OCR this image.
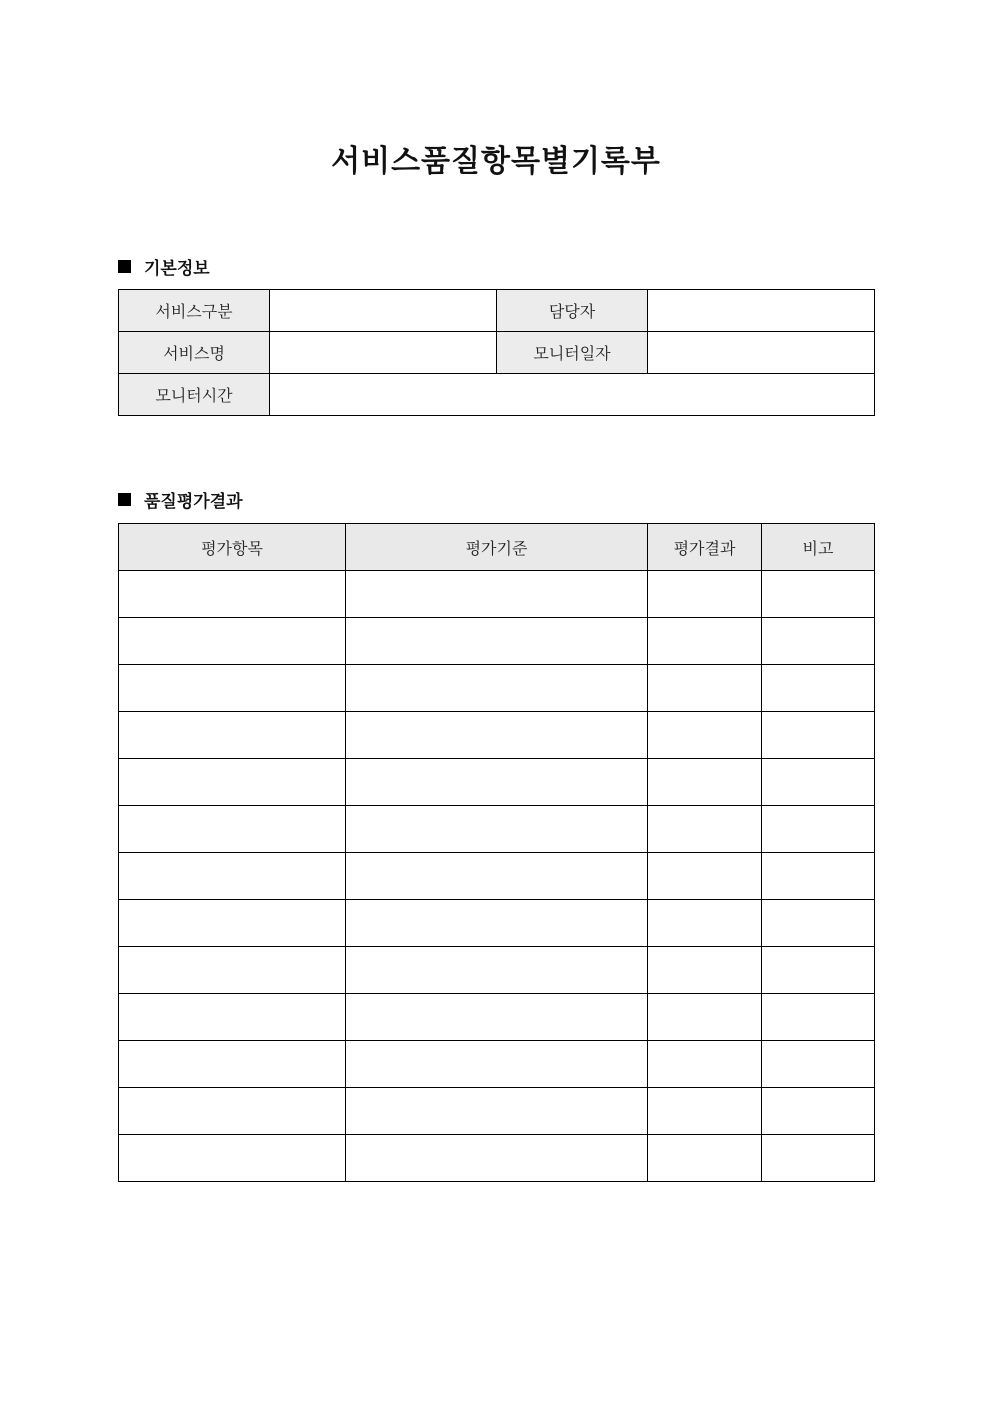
서비스품질항목별기록부
기본정보
서비스구분		담당자	
서비스명		모니터일자	
모니터시간			
품질평가결과
평가항목	평가기준	평가결과	비고
